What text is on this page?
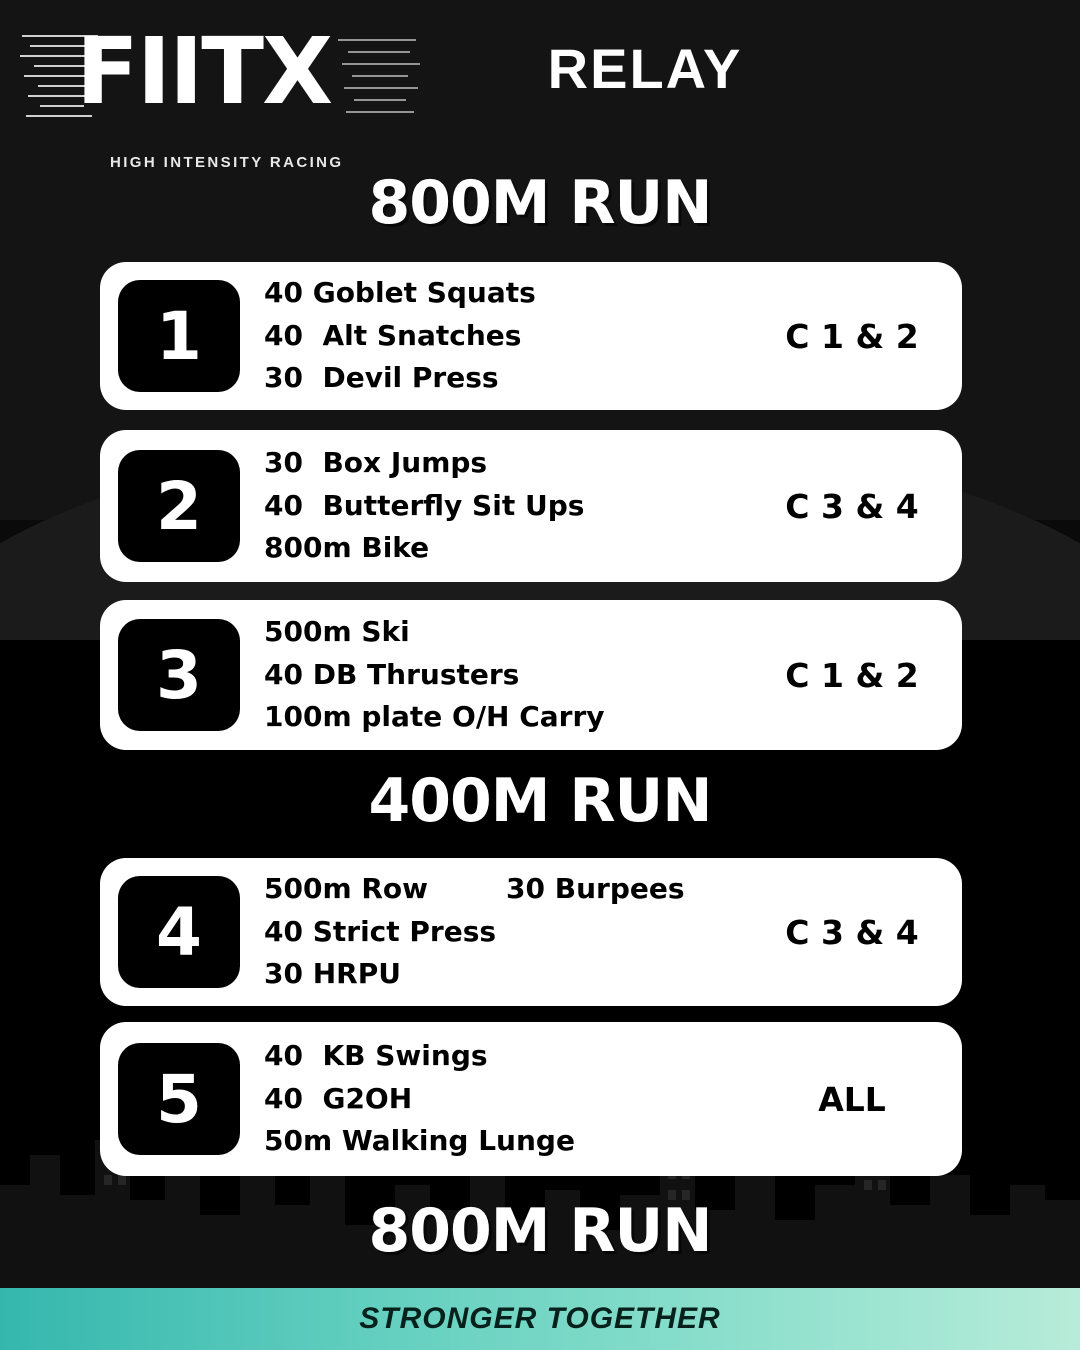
FIITX
HIGH INTENSITY RACING
RELAY
800M RUN
1
40 Goblet Squats
40  Alt Snatches
30  Devil Press
C 1 & 2
2
30  Box Jumps
40  Butterfly Sit Ups
800m Bike
C 3 & 4
3
500m Ski
40 DB Thrusters
100m plate O/H Carry
C 1 & 2
400M RUN
4
500m Row        30 Burpees
40 Strict Press
30 HRPU
C 3 & 4
5
40  KB Swings
40  G2OH
50m Walking Lunge
ALL
800M RUN
STRONGER TOGETHER
